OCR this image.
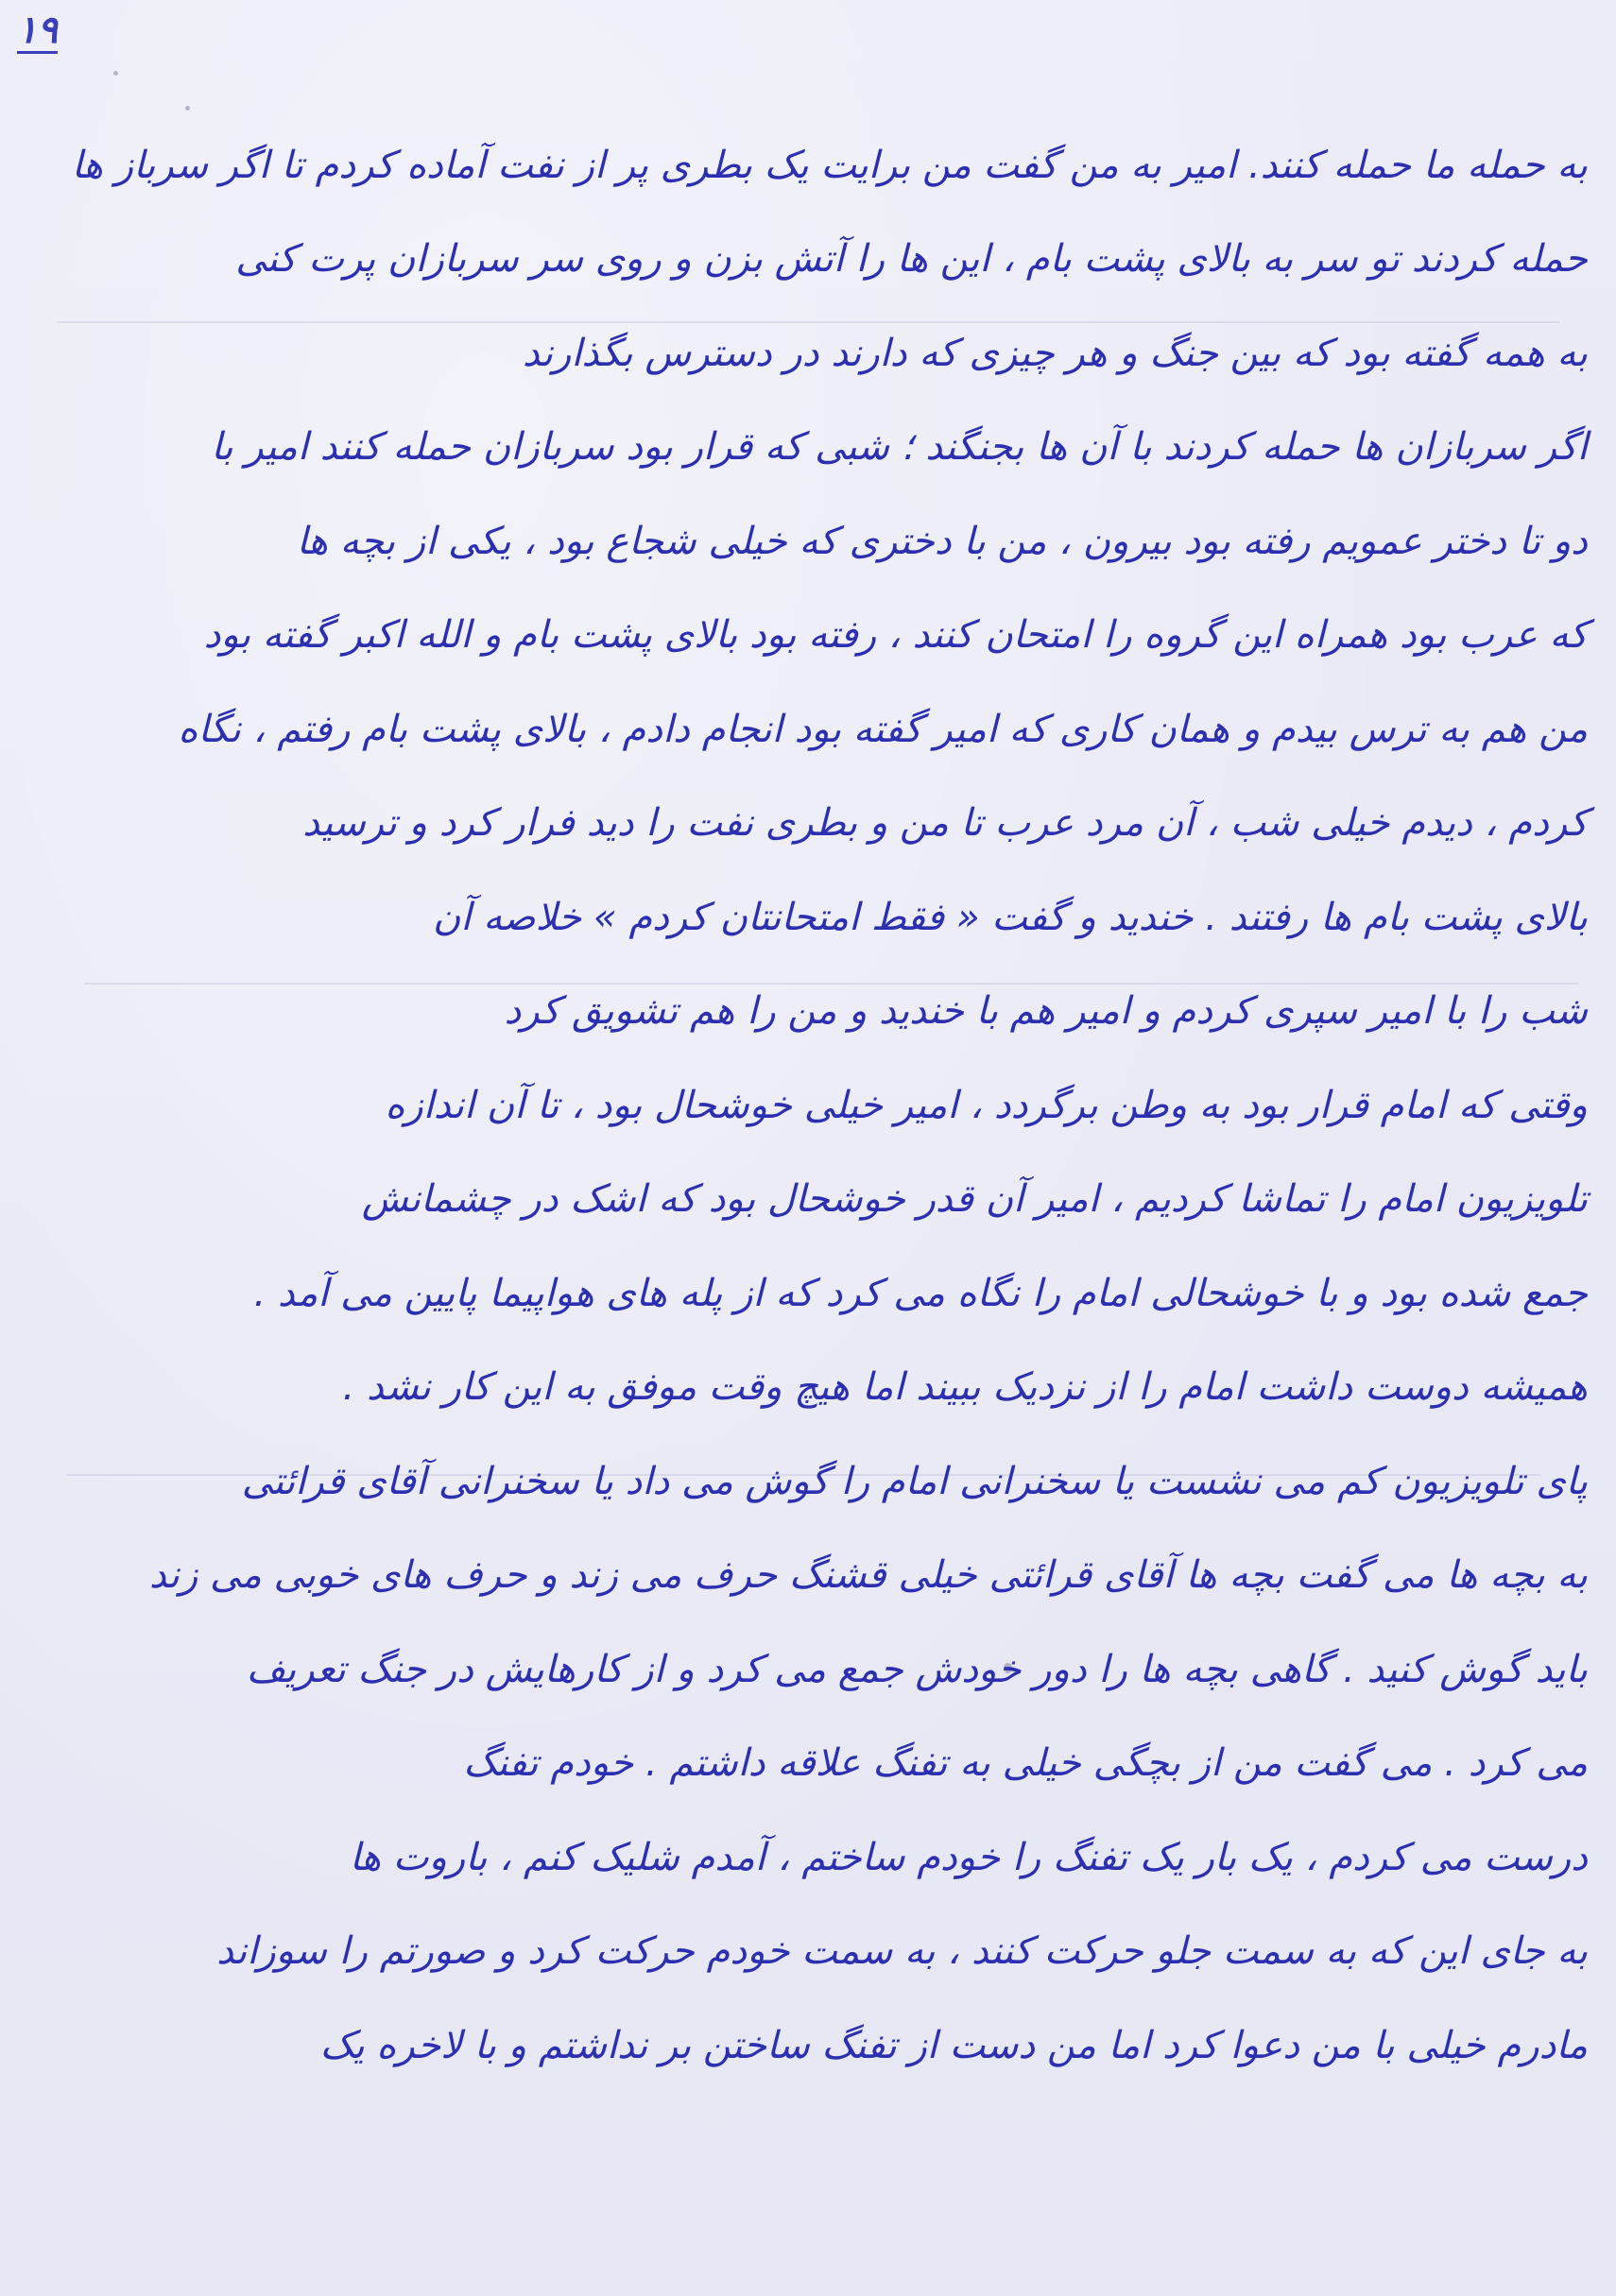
۱۹
به حمله ما حمله کنند. امیر به من گفت من برایت یک بطری پر از نفت آماده کردم تا اگر سرباز ها
حمله کردند تو سر به بالای پشت بام ، این ها را آتش بزن و روی سر سربازان پرت کنی
به همه گفته بود که بین جنگ و هر چیزی که دارند در دسترس بگذارند
اگر سربازان ها حمله کردند با آن ها بجنگند ؛ شبی که قرار بود سربازان حمله کنند امیر با
دو تا دختر عمویم رفته بود بیرون ، من با دختری که خیلی شجاع بود ، یکی از بچه ها
که عرب بود همراه این گروه را امتحان کنند ، رفته بود بالای پشت بام و الله اکبر گفته بود
من هم به ترس بیدم و همان کاری که امیر گفته بود انجام دادم ، بالای پشت بام رفتم ، نگاه
کردم ، دیدم خیلی شب ، آن مرد عرب تا من و بطری نفت را دید فرار کرد و ترسید
بالای پشت بام ها رفتند . خندید و گفت « فقط امتحانتان کردم » خلاصه آن
شب را با امیر سپری کردم و امیر هم با خندید و من را هم تشویق کرد
وقتی که امام قرار بود به وطن برگردد ، امیر خیلی خوشحال بود ، تا آن اندازه
تلویزیون امام را تماشا کردیم ، امیر آن قدر خوشحال بود که اشک در چشمانش
جمع شده بود و با خوشحالی امام را نگاه می کرد که از پله های هواپیما پایین می آمد .
همیشه دوست داشت امام را از نزدیک ببیند اما هیچ وقت موفق به این کار نشد .
پای تلویزیون کم می نشست یا سخنرانی امام را گوش می داد یا سخنرانی آقای قرائتی
به بچه ها می گفت بچه ها آقای قرائتی خیلی قشنگ حرف می زند و حرف های خوبی می زند
باید گوش کنید . گاهی بچه ها را دور خودش جمع می کرد و از کارهایش در جنگ تعریف
می کرد . می گفت من از بچگی خیلی به تفنگ علاقه داشتم . خودم تفنگ
درست می کردم ، یک بار یک تفنگ را خودم ساختم ، آمدم شلیک کنم ، باروت ها
به جای این که به سمت جلو حرکت کنند ، به سمت خودم حرکت کرد و صورتم را سوزاند
مادرم خیلی با من دعوا کرد اما من دست از تفنگ ساختن بر نداشتم و با لاخره یک
